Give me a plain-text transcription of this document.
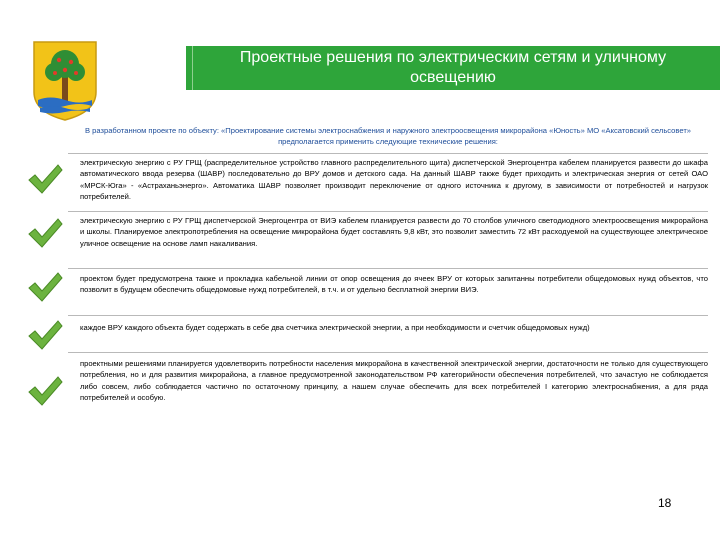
Проектные решения по электрическим сетям и уличному освещению
В разработанном проекте по объекту: «Проектирование системы электроснабжения и наружного электроосвещения микрорайона «Юность» МО «Аксатовский сельсовет» предполагается применить следующие технические решения:
электрическую энергию с РУ ГРЩ (распределительное устройство главного распределительного щита) диспетчерской Энергоцентра кабелем планируется развести до шкафа автоматического ввода резерва (ШАВР) последовательно до ВРУ домов и детского сада. На данный ШАВР также будет приходить и электрическая энергия от сетей ОАО «МРСК-Юга» - «Астраханьэнерго». Автоматика ШАВР позволяет производит переключение от одного источника к другому, в зависимости от потребностей и нагрузок потребителей.
электрическую энергию с РУ ГРЩ диспетчерской Энергоцентра от ВИЭ кабелем планируется развести до 70 столбов уличного светодиодного электроосвещения микрорайона и школы. Планируемое электропотребления на освещение микрорайона будет составлять 9,8 кВт, это позволит заместить 72 кВт расходуемой на существующее электрическое уличное освещение на основе ламп накаливания.
проектом будет предусмотрена также и прокладка кабельной линии от опор освещения до ячеек ВРУ от которых запитанны потребители общедомовых нужд объектов, что позволит в будущем обеспечить общедомовые нужд потребителей, в т.ч. и от удельно бесплатной энергии ВИЭ.
каждое ВРУ каждого объекта будет содержать в себе два счетчика электрической энергии, а при необходимости и счетчик общедомовых нужд)
проектными решениями планируется удовлетворить потребности населения микрорайона в качественной электрической энергии, достаточности не только для существующего потребления, но и для развития микрорайона, а главное предусмотренной законодательством РФ категорийности обеспечения потребителей, что зачастую не соблюдается либо совсем, либо соблюдается частично по остаточному принципу, а нашем случае обеспечить для всех потребителей I категорию электроснабжения, а для ряда потребителей и особую.
18
